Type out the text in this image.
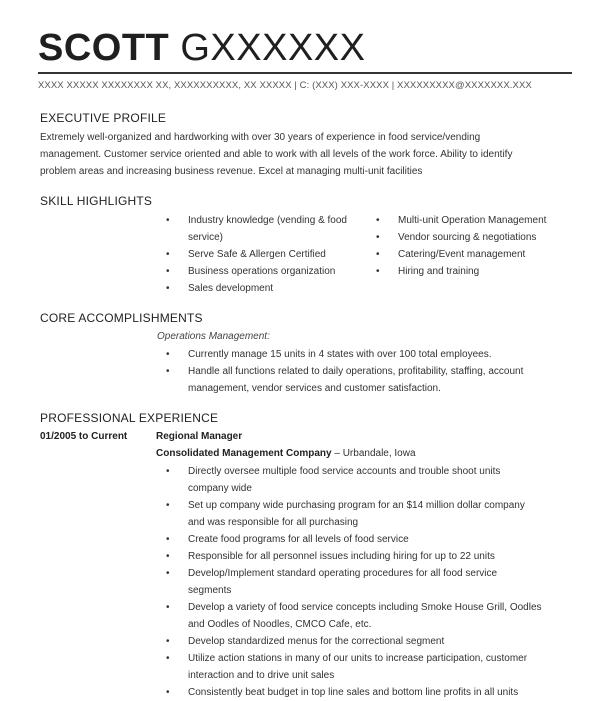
SCOTT GXXXXXX
XXXX XXXXX XXXXXXXX XX, XXXXXXXXXX, XX XXXXX | C: (XXX) XXX-XXXX | XXXXXXXXX@XXXXXXX.XXX
EXECUTIVE PROFILE
Extremely well-organized and hardworking with over 30 years of experience in food service/vending
management. Customer service oriented and able to work with all levels of the work force. Ability to identify
problem areas and increasing business revenue. Excel at managing multi-unit facilities
SKILL HIGHLIGHTS
• Industry knowledge (vending & food
service)
• Serve Safe & Allergen Certified
• Business operations organization
• Sales development
• Multi-unit Operation Management
• Vendor sourcing & negotiations
• Catering/Event management
• Hiring and training
CORE ACCOMPLISHMENTS
Operations Management:
• Currently manage 15 units in 4 states with over 100 total employees.
• Handle all functions related to daily operations, profitability, staffing, account
management, vendor services and customer satisfaction.
PROFESSIONAL EXPERIENCE
01/2005 to Current	Regional Manager
Consolidated Management Company – Urbandale, Iowa
• Directly oversee multiple food service accounts and trouble shoot units
company wide
• Set up company wide purchasing program for an $14 million dollar company
and was responsible for all purchasing
• Create food programs for all levels of food service
• Responsible for all personnel issues including hiring for up to 22 units
• Develop/Implement standard operating procedures for all food service
segments
• Develop a variety of food service concepts including Smoke House Grill, Oodles
and Oodles of Noodles, CMCO Cafe, etc.
• Develop standardized menus for the correctional segment
• Utilize action stations in many of our units to increase participation, customer
interaction and to drive unit sales
• Consistently beat budget in top line sales and bottom line profits in all units
